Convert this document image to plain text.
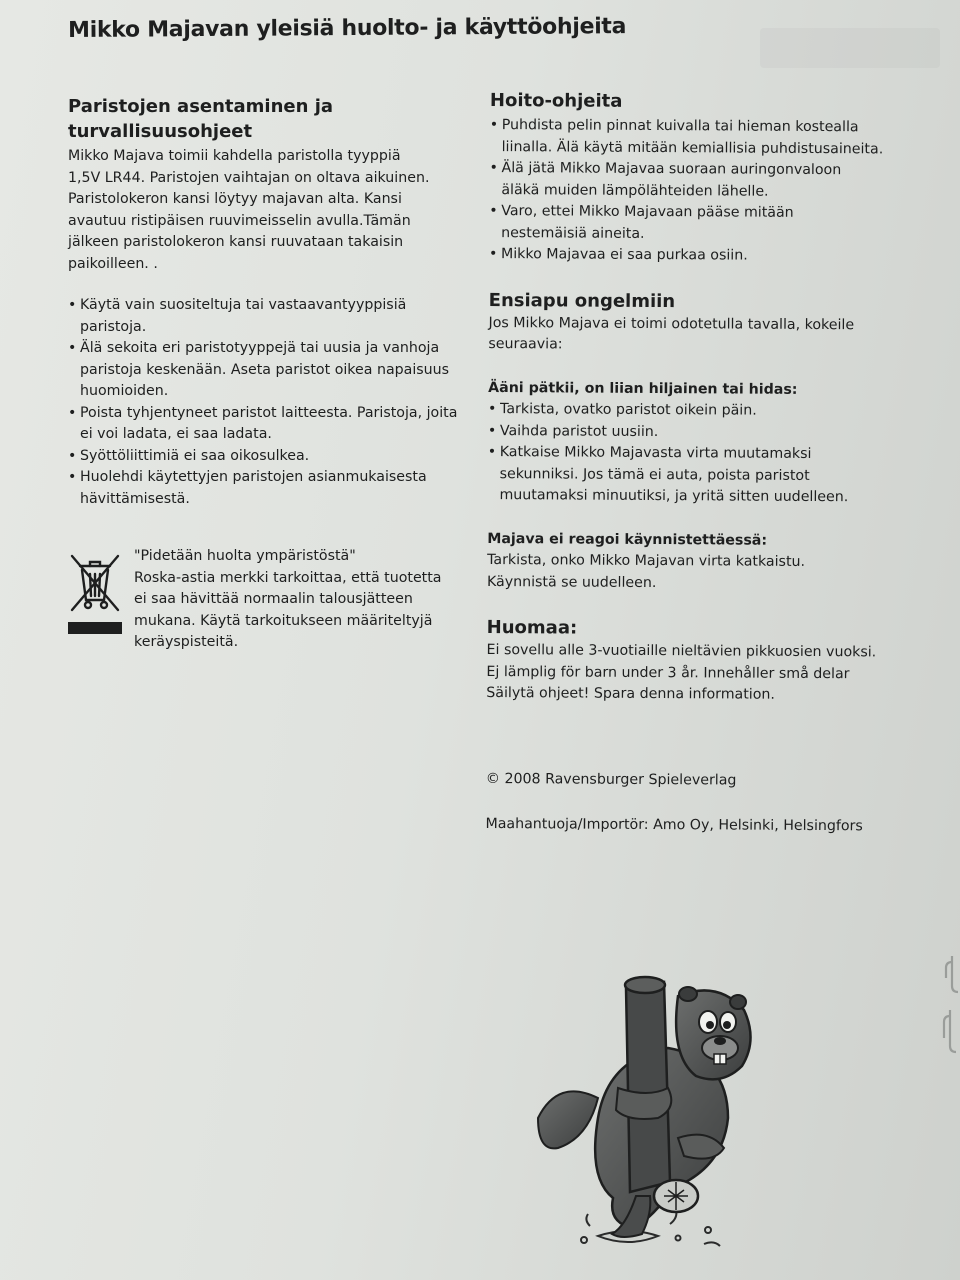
Mikko Majavan yleisiä huolto- ja käyttöohjeita
Paristojen asentaminen ja turvallisuusohjeet

Mikko Majava toimii kahdella paristolla tyyppiä
1,5V LR44. Paristojen vaihtajan on oltava aikuinen.
Paristolokeron kansi löytyy majavan alta. Kansi
avautuu ristipäisen ruuvimeisselin avulla.Tämän
jälkeen paristolokeron kansi ruuvataan takaisin
paikoilleen. .

• Käytä vain suositeltuja tai vastaavantyyppisiä
paristoja.
• Älä sekoita eri paristotyyppejä tai uusia ja vanhoja
paristoja keskenään. Aseta paristot oikea napaisuus
huomioiden.
• Poista tyhjentyneet paristot laitteesta. Paristoja, joita
ei voi ladata, ei saa ladata.
• Syöttöliittimiä ei saa oikosulkea.
• Huolehdi käytettyjen paristojen asianmukaisesta
hävittämisestä.
"Pidetään huolta ympäristöstä"
Roska-astia merkki tarkoittaa, että tuotetta
ei saa hävittää normaalin talousjätteen
mukana. Käytä tarkoitukseen määriteltyjä
keräyspisteitä.
Hoito-ohjeita
• Puhdista pelin pinnat kuivalla tai hieman kostealla
liinalla. Älä käytä mitään kemiallisia puhdistusaineita.
• Älä jätä Mikko Majavaa suoraan auringonvaloon
äläkä muiden lämpölähteiden lähelle.
• Varo, ettei Mikko Majavaan pääse mitään
nestemäisiä aineita.
• Mikko Majavaa ei saa purkaa osiin.
Ensiapu ongelmiin

Jos Mikko Majava ei toimi odotetulla tavalla, kokeile
seuraavia:

Ääni pätkii, on liian hiljainen tai hidas:
• Tarkista, ovatko paristot oikein päin.
• Vaihda paristot uusiin.
• Katkaise Mikko Majavasta virta muutamaksi
sekunniksi. Jos tämä ei auta, poista paristot
muutamaksi minuutiksi, ja yritä sitten uudelleen.
Majava ei reagoi käynnistettäessä:

Tarkista, onko Mikko Majavan virta katkaistu.
Käynnistä se uudelleen.

Huomaa:

Ei sovellu alle 3-vuotiaille nieltävien pikkuosien vuoksi.
Ej lämplig för barn under 3 år. Innehåller små delar
Säilytä ohjeet! Spara denna information.

© 2008 Ravensburger Spieleverlag

Maahantuoja/Importör: Amo Oy, Helsinki, Helsingfors
